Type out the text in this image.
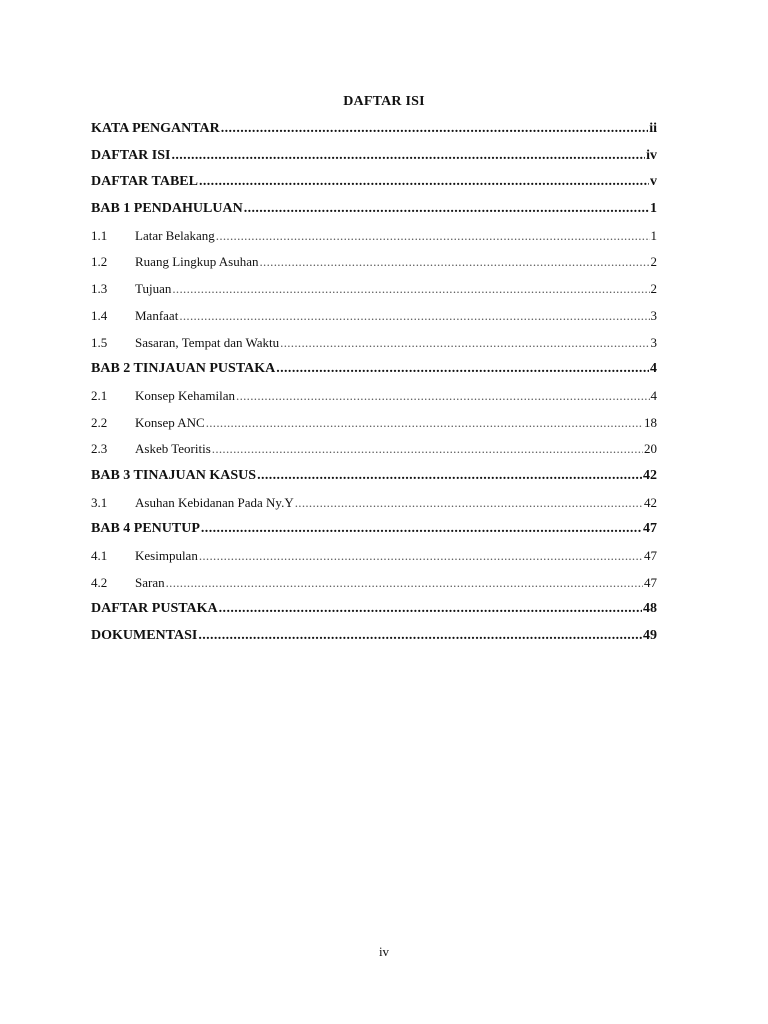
DAFTAR ISI
KATA PENGANTAR .....	ii
DAFTAR ISI .....	iv
DAFTAR TABEL .....	v
BAB 1 PENDAHULUAN .....	1
1.1	Latar Belakang .....	1
1.2	Ruang Lingkup Asuhan .....	2
1.3	Tujuan .....	2
1.4	Manfaat .....	3
1.5	Sasaran, Tempat dan Waktu .....	3
BAB 2 TINJAUAN PUSTAKA .....	4
2.1	Konsep Kehamilan .....	4
2.2	Konsep ANC .....	18
2.3	Askeb Teoritis .....	20
BAB 3 TINAJUAN KASUS .....	42
3.1	Asuhan Kebidanan Pada Ny.Y .....	42
BAB 4 PENUTUP .....	47
4.1	Kesimpulan .....	47
4.2	Saran .....	47
DAFTAR PUSTAKA .....	48
DOKUMENTASI .....	49
iv
